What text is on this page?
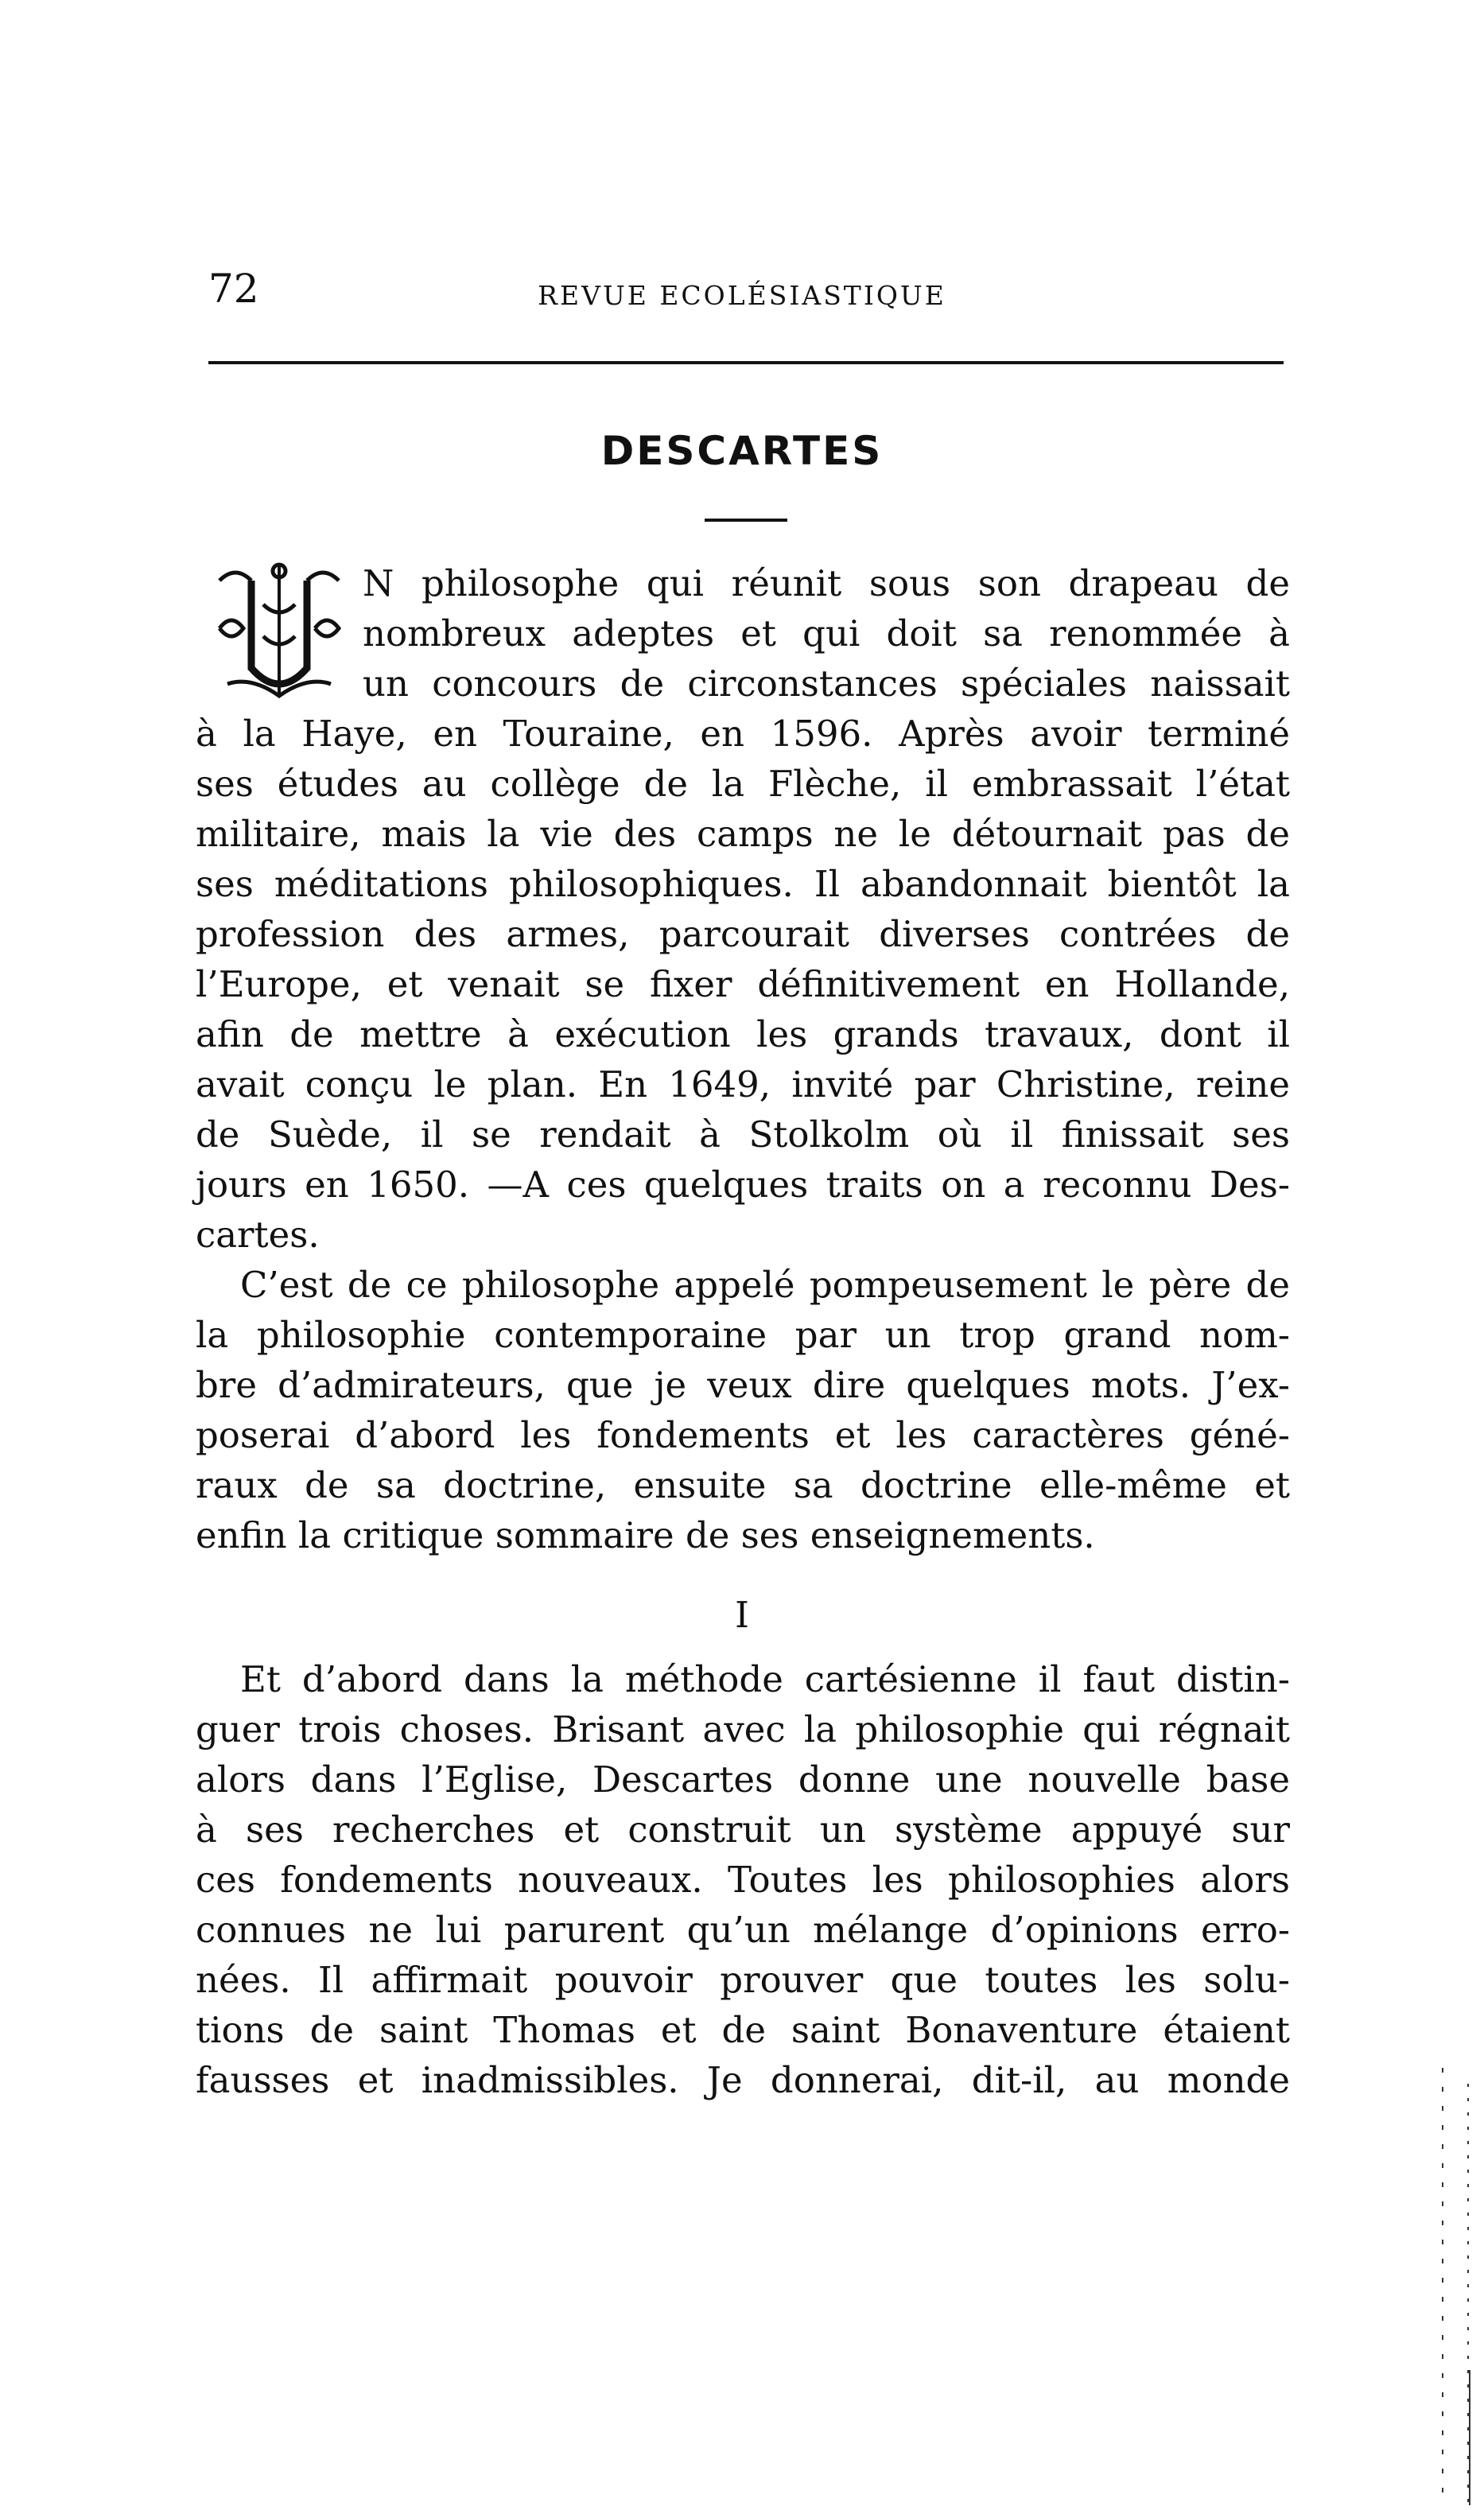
72	REVUE ECOLÉSIASTIQUE
DESCARTES
N philosophe qui réunit sous son drapeau de
nombreux adeptes et qui doit sa renommée à
un concours de circonstances spéciales naissait
à la Haye, en Touraine, en 1596. Après avoir terminé
ses études au collège de la Flèche, il embrassait l’état
militaire, mais la vie des camps ne le détournait pas de
ses méditations philosophiques. Il abandonnait bientôt la
profession des armes, parcourait diverses contrées de
l’Europe, et venait se fixer définitivement en Hollande,
afin de mettre à exécution les grands travaux, dont il
avait conçu le plan. En 1649, invité par Christine, reine
de Suède, il se rendait à Stolkolm où il finissait ses
jours en 1650. —A ces quelques traits on a reconnu Des-
cartes.
C’est de ce philosophe appelé pompeusement le père de
la philosophie contemporaine par un trop grand nom-
bre d’admirateurs, que je veux dire quelques mots. J’ex-
poserai d’abord les fondements et les caractères géné-
raux de sa doctrine, ensuite sa doctrine elle-même et
enfin la critique sommaire de ses enseignements.
I
Et d’abord dans la méthode cartésienne il faut distin-
guer trois choses. Brisant avec la philosophie qui régnait
alors dans l’Eglise, Descartes donne une nouvelle base
à ses recherches et construit un système appuyé sur
ces fondements nouveaux. Toutes les philosophies alors
connues ne lui parurent qu’un mélange d’opinions erro-
nées. Il affirmait pouvoir prouver que toutes les solu-
tions de saint Thomas et de saint Bonaventure étaient
fausses et inadmissibles. Je donnerai, dit-il, au monde
